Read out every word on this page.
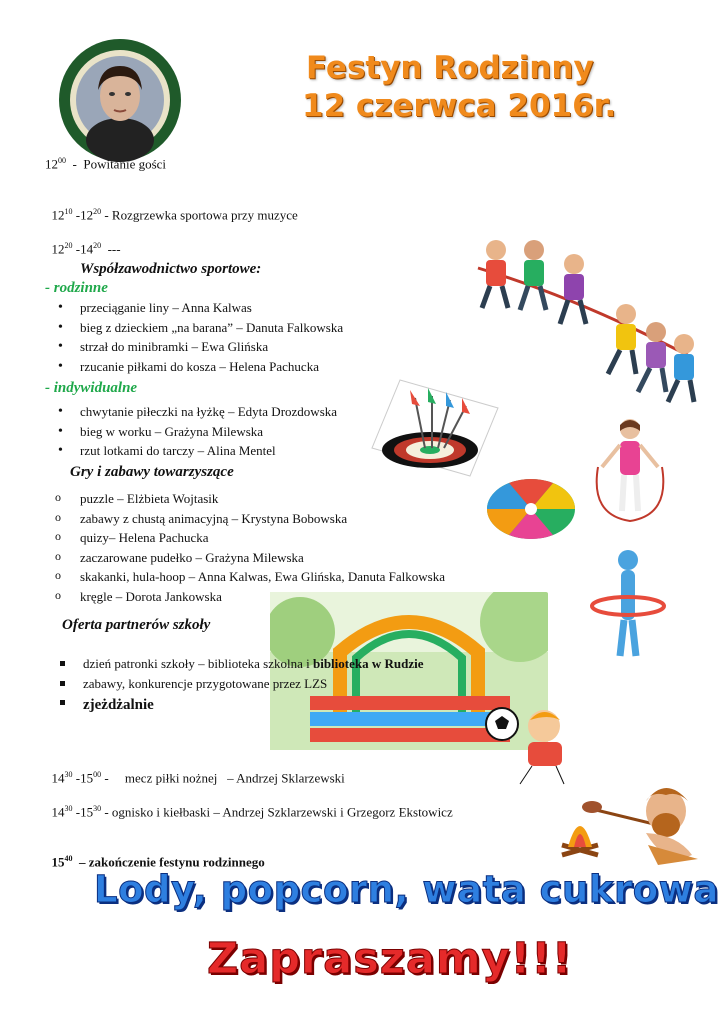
Festyn Rodzinny
12 czerwca 2016r.
$12^{00}$  -  Powitanie gości

$12^{10}$ $-12^{20}$ - Rozgrzewka sportowa przy muzyce

$12^{20}$ $-14^{20}$  ---

Współzawodnictwo sportowe:
- rodzinne
• przeciąganie liny – Anna Kalwas
• bieg z dzieckiem „na barana” – Danuta Falkowska
• strzał do minibramki – Ewa Glińska
• rzucanie piłkami do kosza – Helena Pachucka
- indywidualne
• chwytanie piłeczki na łyżkę – Edyta Drozdowska
• bieg w worku – Grażyna Milewska
• rzut lotkami do tarczy – Alina Mentel
Gry i zabawy towarzyszące
o puzzle – Elżbieta Wojtasik
o zabawy z chustą animacyjną – Krystyna Bobowska
o quizy– Helena Pachucka
o zaczarowane pudełko – Grażyna Milewska
o skakanki, hula-hoop – Anna Kalwas, Ewa Glińska, Danuta Falkowska
o kręgle – Dorota Jankowska
Oferta partnerów szkoły
dzień patronki szkoły – biblioteka szkolna i biblioteka w Rudzie
zabawy, konkurencje przygotowane przez LZS
zjeżdżalnie

$14^{30}$ $-15^{00}$ -     mecz piłki nożnej   – Andrzej Sklarzewski

$14^{30}$ $-15^{30}$ - ognisko i kiełbaski – Andrzej Szklarzewski i Grzegorz Ekstowicz

$15^{40}$  – zakończenie festynu rodzinnego

Lody, popcorn, wata cukrowa
Zapraszamy!!!
